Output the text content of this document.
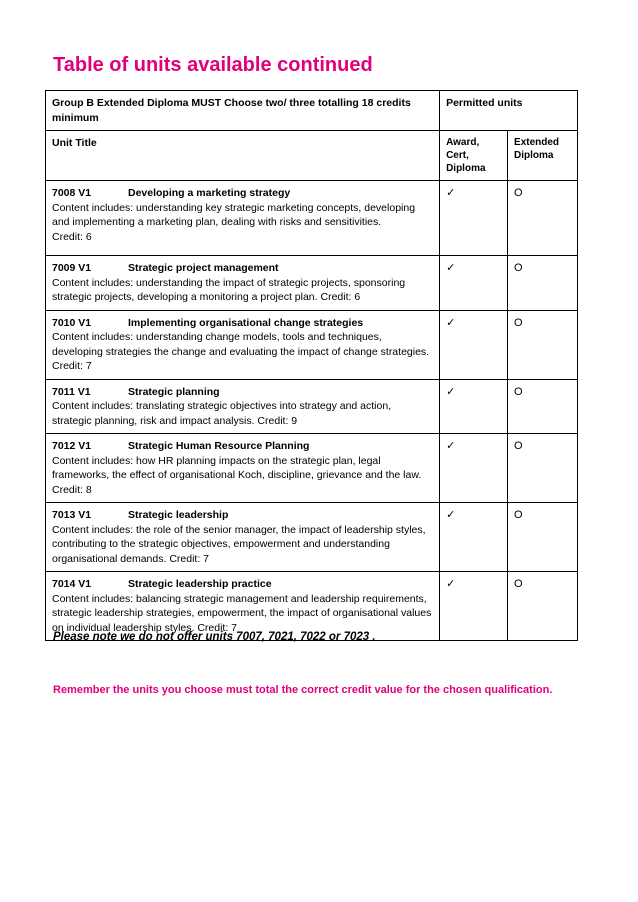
Table of units available continued
Group B Extended Diploma MUST Choose two/ three totalling 18 credits minimum	Permitted units	
Unit Title	Award, Cert, Diploma	Extended Diploma

7008 V1 Developing a marketing strategy
Content includes: understanding key strategic marketing concepts, developing and implementing a marketing plan, dealing with risks and sensitivities.
Credit: 6	✓	O

7009 V1 Strategic project management
Content includes: understanding the impact of strategic projects, sponsoring strategic projects, developing a monitoring a project plan. Credit: 6	✓	O

7010 V1 Implementing organisational change strategies
Content includes: understanding change models, tools and techniques, developing strategies the change and evaluating the impact of change strategies. Credit: 7	✓	O

7011 V1 Strategic planning
Content includes: translating strategic objectives into strategy and action, strategic planning, risk and impact analysis. Credit: 9	✓	O

7012 V1 Strategic Human Resource Planning
Content includes: how HR planning impacts on the strategic plan, legal frameworks, the effect of organisational Koch, discipline, grievance and the law.
Credit: 8	✓	O

7013 V1 Strategic leadership
Content includes: the role of the senior manager, the impact of leadership styles, contributing to the strategic objectives, empowerment and understanding organisational demands. Credit: 7	✓	O

7014 V1 Strategic leadership practice
Content includes: balancing strategic management and leadership requirements, strategic leadership strategies, empowerment, the impact of organisational values on individual leadership styles. Credit: 7	✓	O

Please note we do not offer units 7007, 7021, 7022 or 7023 .

Remember the units you choose must total the correct credit value for the chosen qualification.
